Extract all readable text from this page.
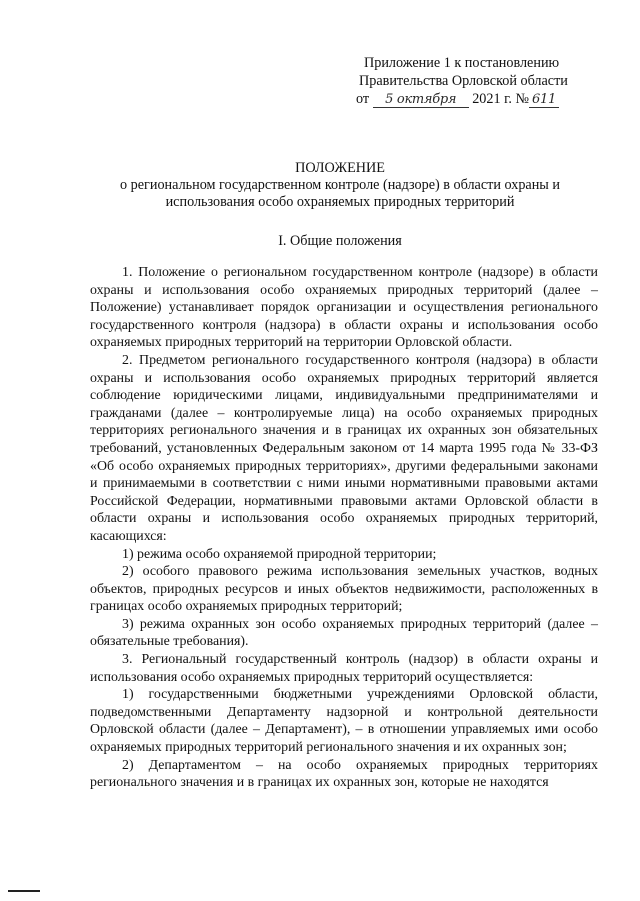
Приложение 1 к постановлению
Правительства Орловской области
от 5 октября 2021 г. № 611
ПОЛОЖЕНИЕ
о региональном государственном контроле (надзоре) в области охраны и
использования особо охраняемых природных территорий
I. Общие положения

1. Положение о региональном государственном контроле (надзоре) в области охраны и использования особо охраняемых природных территорий (далее – Положение) устанавливает порядок организации и осуществления регионального государственного контроля (надзора) в области охраны и использования особо охраняемых природных территорий на территории Орловской области.

2. Предметом регионального государственного контроля (надзора) в области охраны и использования особо охраняемых природных территорий является соблюдение юридическими лицами, индивидуальными предпринимателями и гражданами (далее – контролируемые лица) на особо охраняемых природных территориях регионального значения и в границах их охранных зон обязательных требований, установленных Федеральным законом от 14 марта 1995 года № 33-ФЗ «Об особо охраняемых природных территориях», другими федеральными законами и принимаемыми в соответствии с ними иными нормативными правовыми актами Российской Федерации, нормативными правовыми актами Орловской области в области охраны и использования особо охраняемых природных территорий, касающихся:

1) режима особо охраняемой природной территории;

2) особого правового режима использования земельных участков, водных объектов, природных ресурсов и иных объектов недвижимости, расположенных в границах особо охраняемых природных территорий;

3) режима охранных зон особо охраняемых природных территорий (далее – обязательные требования).

3. Региональный государственный контроль (надзор) в области охраны и использования особо охраняемых природных территорий осуществляется:

1) государственными бюджетными учреждениями Орловской области, подведомственными Департаменту надзорной и контрольной деятельности Орловской области (далее – Департамент), – в отношении управляемых ими особо охраняемых природных территорий регионального значения и их охранных зон;

2) Департаментом – на особо охраняемых природных территориях регионального значения и в границах их охранных зон, которые не находятся
